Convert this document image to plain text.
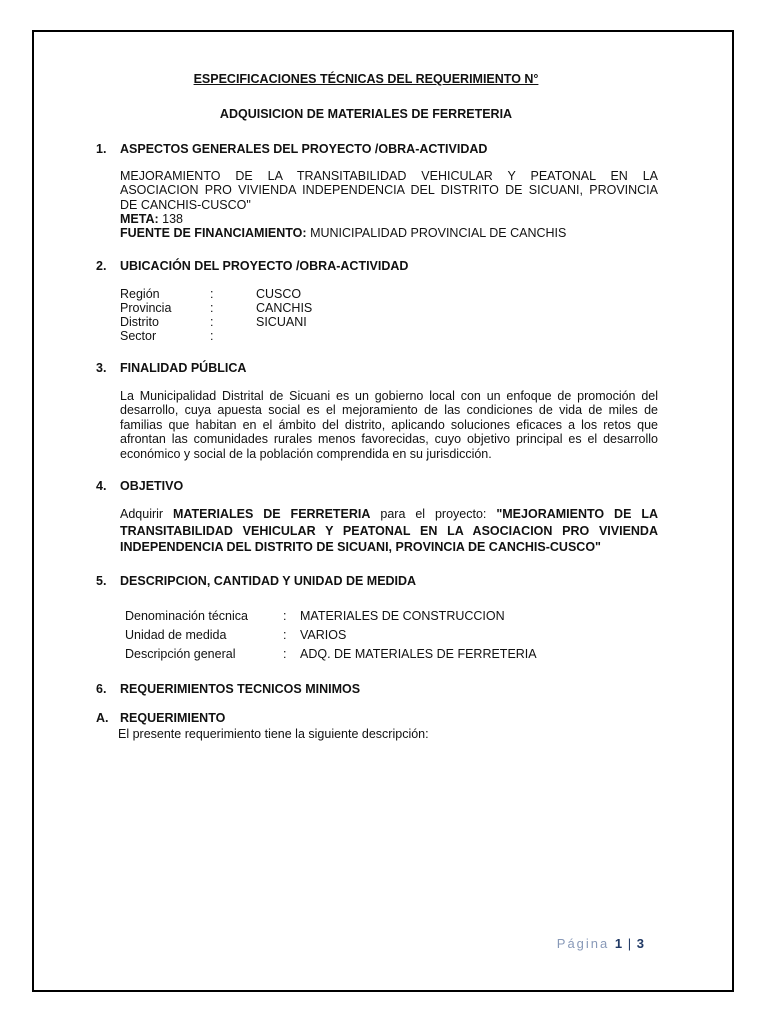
ESPECIFICACIONES TÉCNICAS DEL REQUERIMIENTO N°
ADQUISICION DE MATERIALES DE FERRETERIA
1. ASPECTOS GENERALES DEL PROYECTO /OBRA-ACTIVIDAD
MEJORAMIENTO DE LA TRANSITABILIDAD VEHICULAR Y PEATONAL EN LA
ASOCIACION PRO VIVIENDA INDEPENDENCIA DEL DISTRITO DE SICUANI, PROVINCIA
DE CANCHIS-CUSCO"
META: 138
FUENTE DE FINANCIAMIENTO: MUNICIPALIDAD PROVINCIAL DE CANCHIS
2. UBICACIÓN DEL PROYECTO /OBRA-ACTIVIDAD
Región	:	CUSCO
Provincia	:	CANCHIS
Distrito	:	SICUANI
Sector	:
3. FINALIDAD PÚBLICA
La Municipalidad Distrital de Sicuani es un gobierno local con un enfoque de promoción del
desarrollo, cuya apuesta social es el mejoramiento de las condiciones de vida de miles de
familias que habitan en el ámbito del distrito, aplicando soluciones eficaces a los retos que
afrontan las comunidades rurales menos favorecidas, cuyo objetivo principal es el desarrollo
económico y social de la población comprendida en su jurisdicción.
4. OBJETIVO
Adquirir MATERIALES DE FERRETERIA para el proyecto: "MEJORAMIENTO DE LA
TRANSITABILIDAD VEHICULAR Y PEATONAL EN LA ASOCIACION PRO VIVIENDA
INDEPENDENCIA DEL DISTRITO DE SICUANI, PROVINCIA DE CANCHIS-CUSCO"
5. DESCRIPCION, CANTIDAD Y UNIDAD DE MEDIDA
Denominación técnica	: MATERIALES DE CONSTRUCCION
Unidad de medida	: VARIOS
Descripción general	: ADQ. DE MATERIALES DE FERRETERIA
6. REQUERIMIENTOS TECNICOS MINIMOS
A. REQUERIMIENTO
El presente requerimiento tiene la siguiente descripción:
Página 1 | 3
